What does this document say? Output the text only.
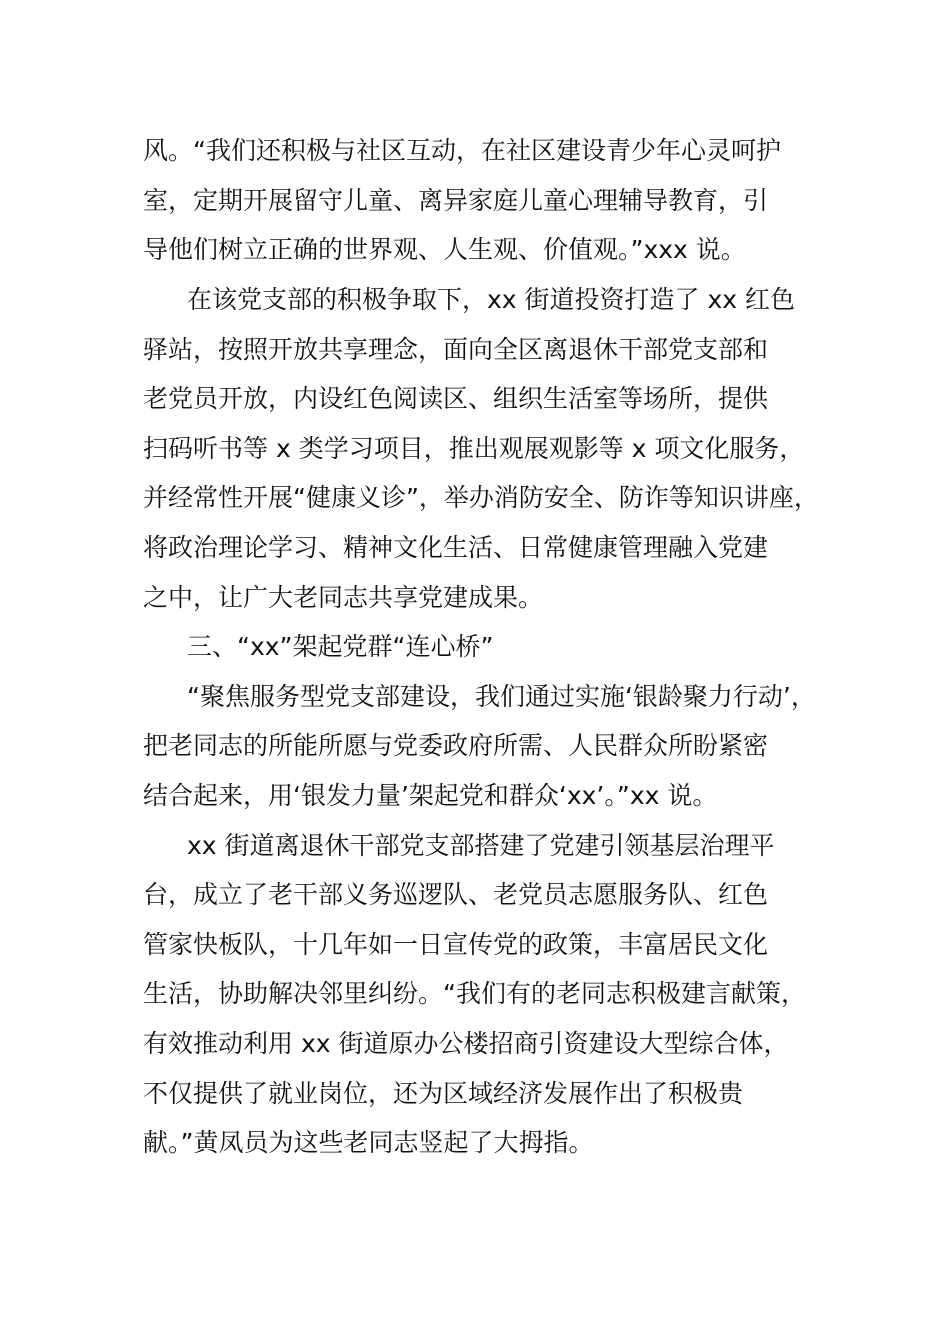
风。“我们还积极与社区互动，在社区建设青少年心灵呵护
室，定期开展留守儿童、离异家庭儿童心理辅导教育，引
导他们树立正确的世界观、人生观、价值观。”xxx 说。
在该党支部的积极争取下，xx 街道投资打造了 xx 红色
驿站，按照开放共享理念，面向全区离退休干部党支部和
老党员开放，内设红色阅读区、组织生活室等场所，提供
扫码听书等 x 类学习项目，推出观展观影等 x 项文化服务，
并经常性开展“健康义诊”，举办消防安全、防诈等知识讲座，
将政治理论学习、精神文化生活、日常健康管理融入党建
之中，让广大老同志共享党建成果。
三、“xx”架起党群“连心桥”
“聚焦服务型党支部建设，我们通过实施‘银龄聚力行动’，
把老同志的所能所愿与党委政府所需、人民群众所盼紧密
结合起来，用‘银发力量’架起党和群众‘xx’。”xx 说。
xx 街道离退休干部党支部搭建了党建引领基层治理平
台，成立了老干部义务巡逻队、老党员志愿服务队、红色
管家快板队，十几年如一日宣传党的政策，丰富居民文化
生活，协助解决邻里纠纷。“我们有的老同志积极建言献策，
有效推动利用 xx 街道原办公楼招商引资建设大型综合体，
不仅提供了就业岗位，还为区域经济发展作出了积极贵
献。”黄凤员为这些老同志竖起了大拇指。
